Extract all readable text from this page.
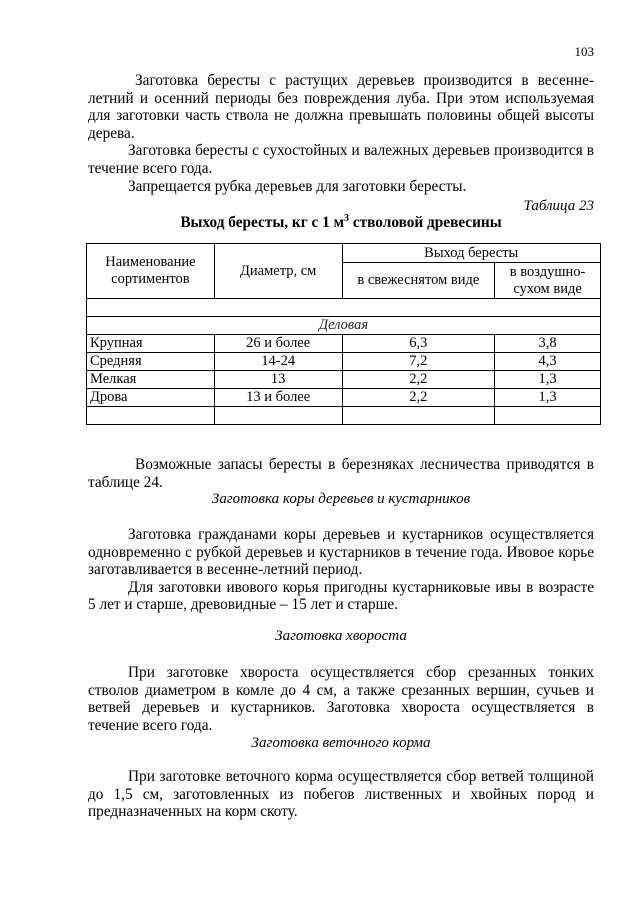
103
Заготовка бересты с растущих деревьев производится в весенне-летний и осенний периоды без повреждения луба. При этом используемая для заготовки часть ствола не должна превышать половины общей высоты дерева.
Заготовка бересты с сухостойных и валежных деревьев производится в течение всего года.
Запрещается рубка деревьев для заготовки бересты.
Таблица 23
Выход бересты, кг с 1 $м^3$ стволовой древесины
Наименование сортиментов	Диаметр, см	Выход бересты	
		в свежеснятом виде	в воздушно-сухом виде

Деловая			
Крупная	26 и более	6,3	3,8
Средняя	14-24	7,2	4,3
Мелкая	13	2,2	1,3
Дрова	13 и более	2,2	1,3

Возможные запасы бересты в березняках лесничества приводятся в таблице 24.
Заготовка коры деревьев и кустарников
Заготовка гражданами коры деревьев и кустарников осуществляется одновременно с рубкой деревьев и кустарников в течение года. Ивовое корье заготавливается в весенне-летний период.
Для заготовки ивового корья пригодны кустарниковые ивы в возрасте 5 лет и старше, древовидные – 15 лет и старше.
Заготовка хвороста
При заготовке хвороста осуществляется сбор срезанных тонких стволов диаметром в комле до 4 см, а также срезанных вершин, сучьев и ветвей деревьев и кустарников. Заготовка хвороста осуществляется в течение всего года.
Заготовка веточного корма
При заготовке веточного корма осуществляется сбор ветвей толщиной до 1,5 см, заготовленных из побегов лиственных и хвойных пород и предназначенных на корм скоту.
